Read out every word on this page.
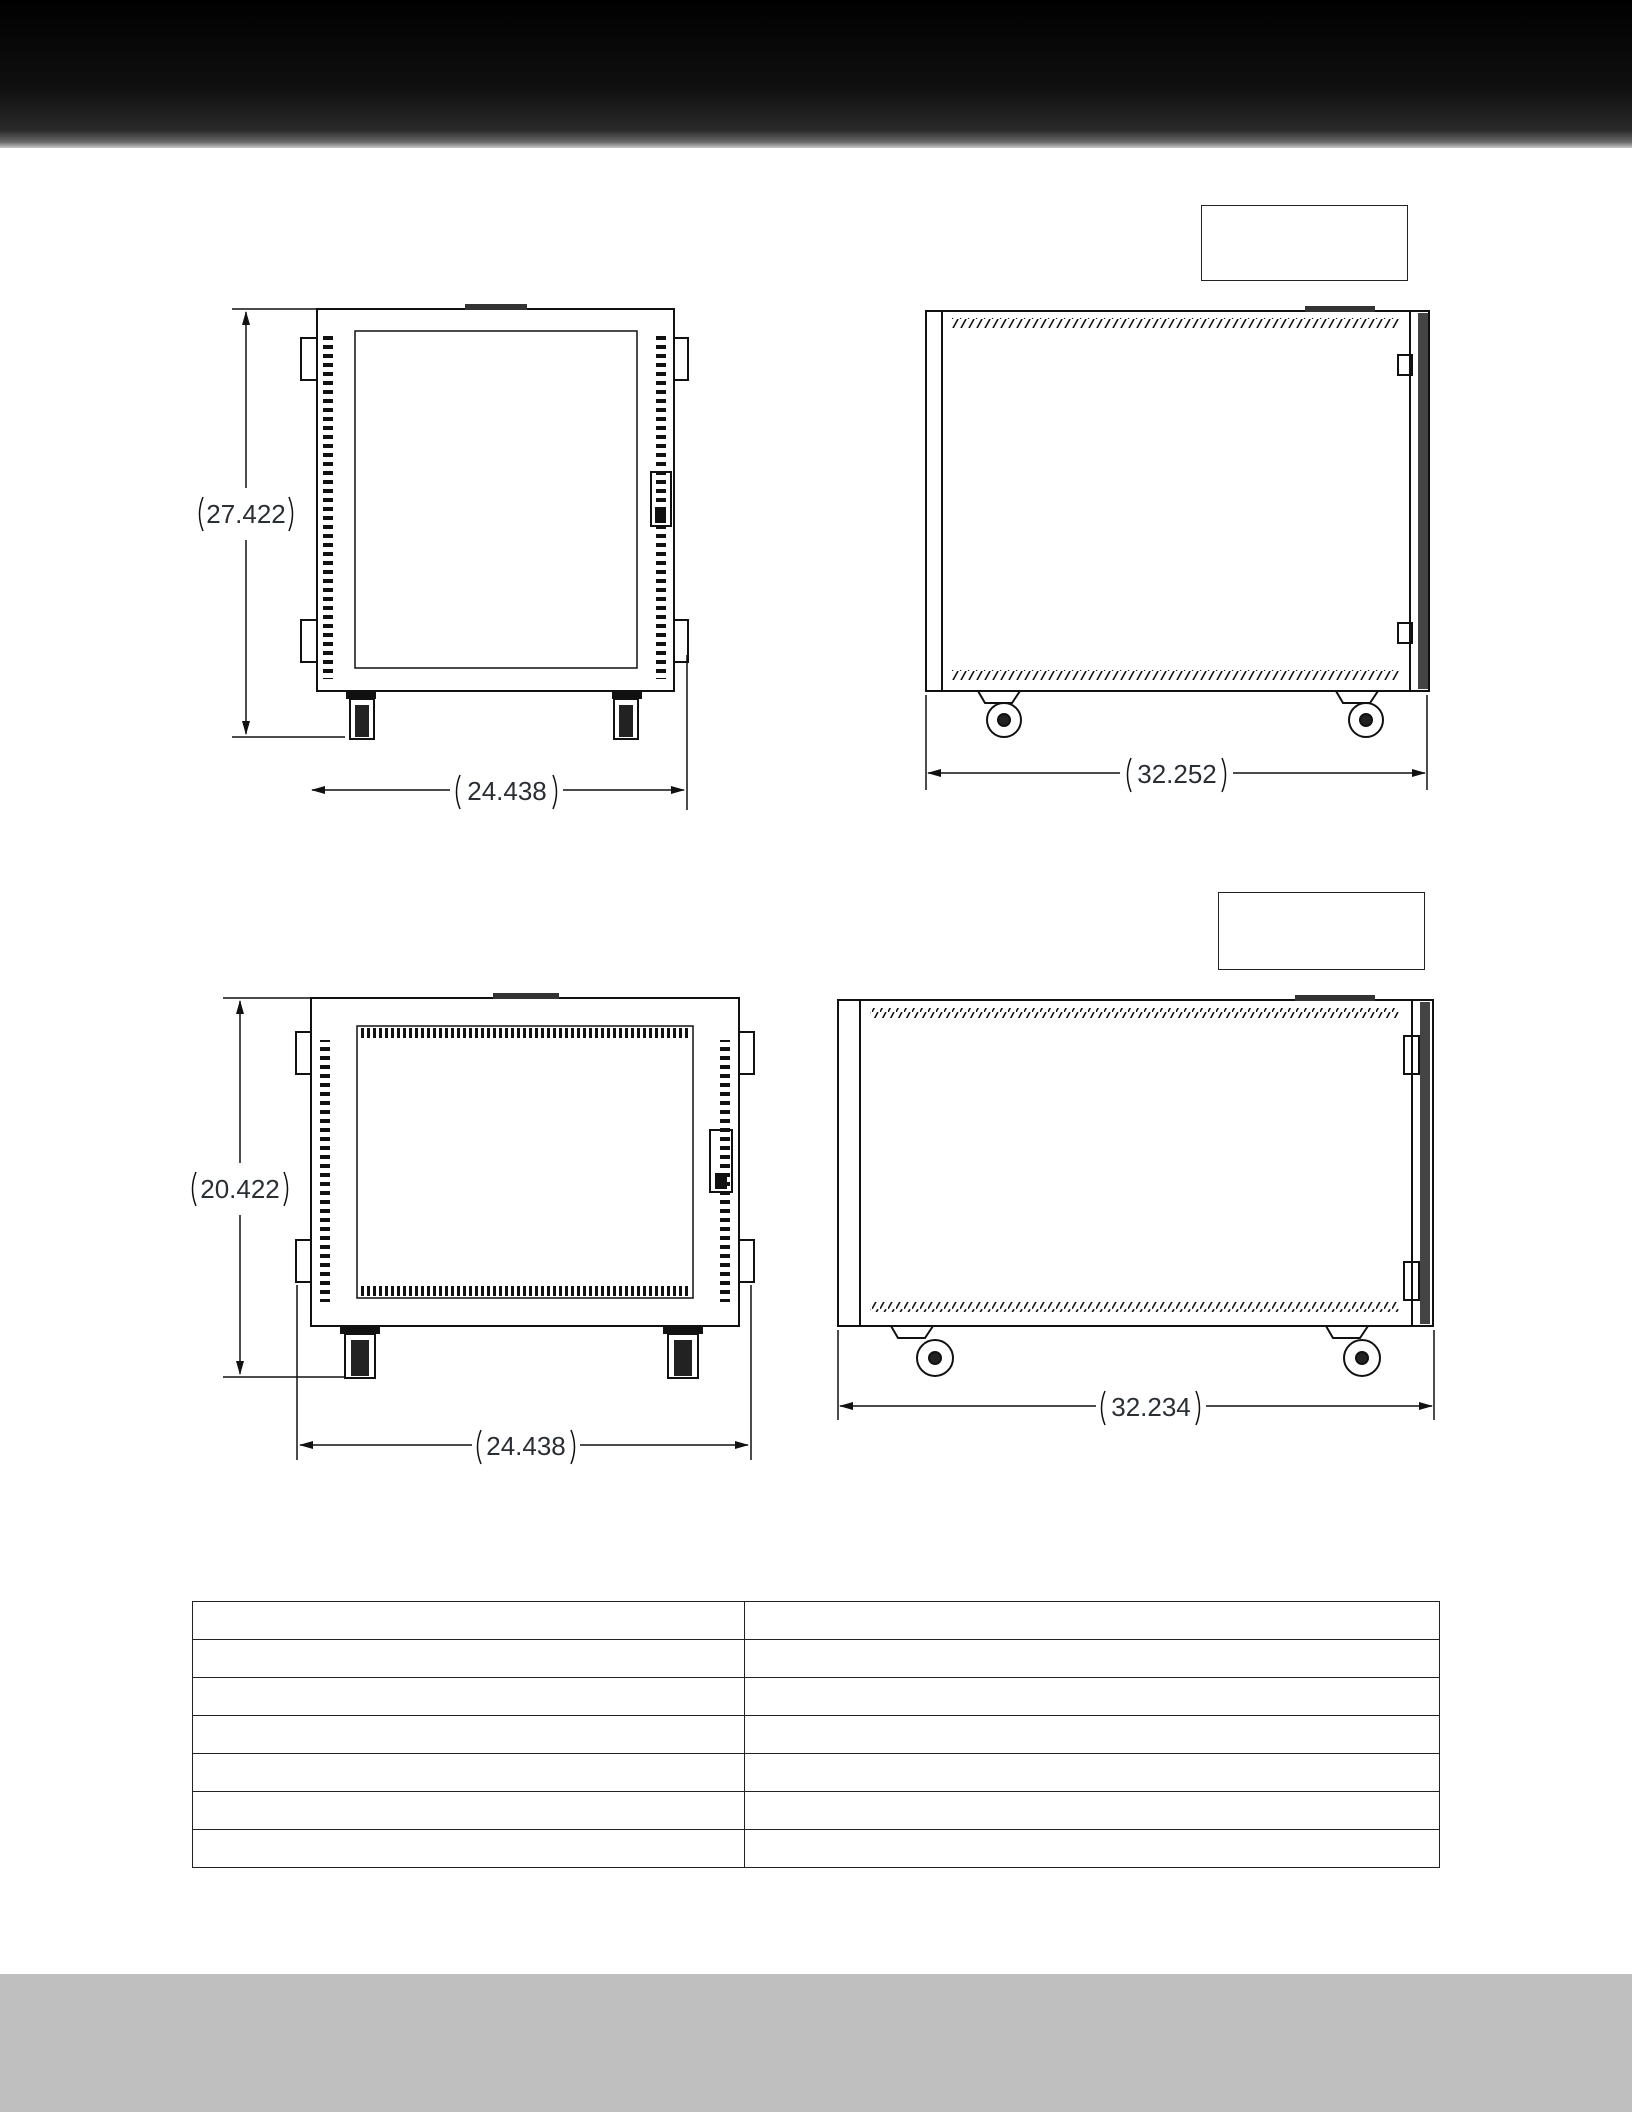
27.422
24.438
32.252
20.422
24.438
32.234
